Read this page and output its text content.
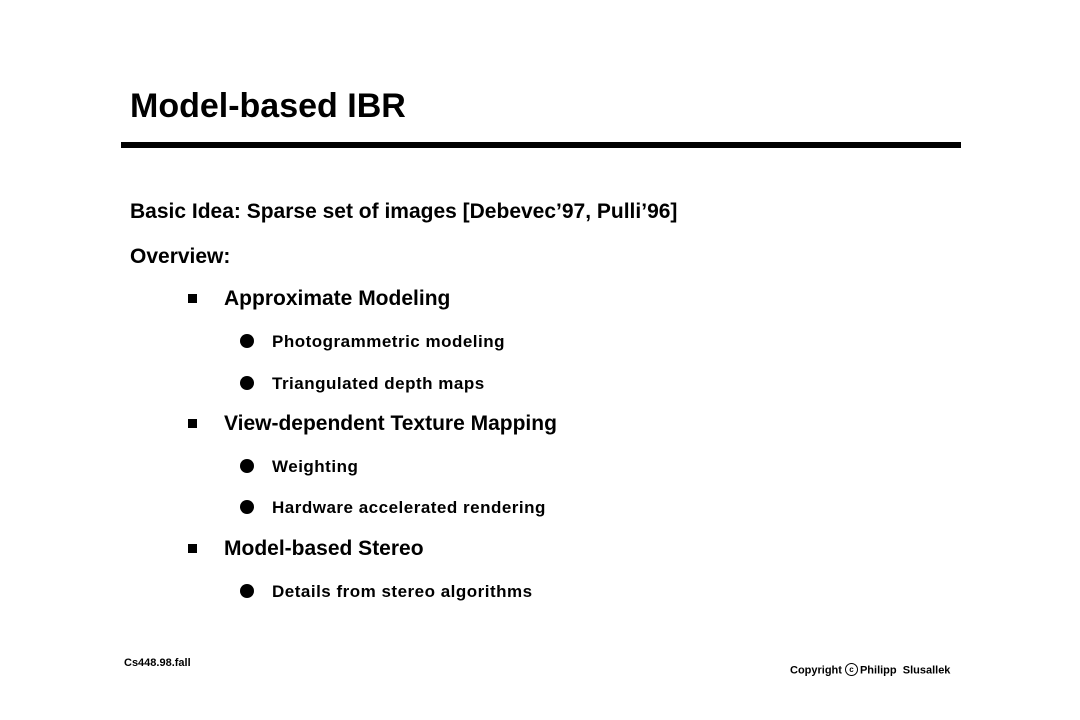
Model-based IBR
Basic Idea: Sparse set of images [Debevec’97, Pulli’96]
Overview:
Approximate Modeling
Photogrammetric modeling
Triangulated depth maps
View-dependent Texture Mapping
Weighting
Hardware accelerated rendering
Model-based Stereo
Details from stereo algorithms
Cs448.98.fall
Copyright c Philipp  Slusallek
